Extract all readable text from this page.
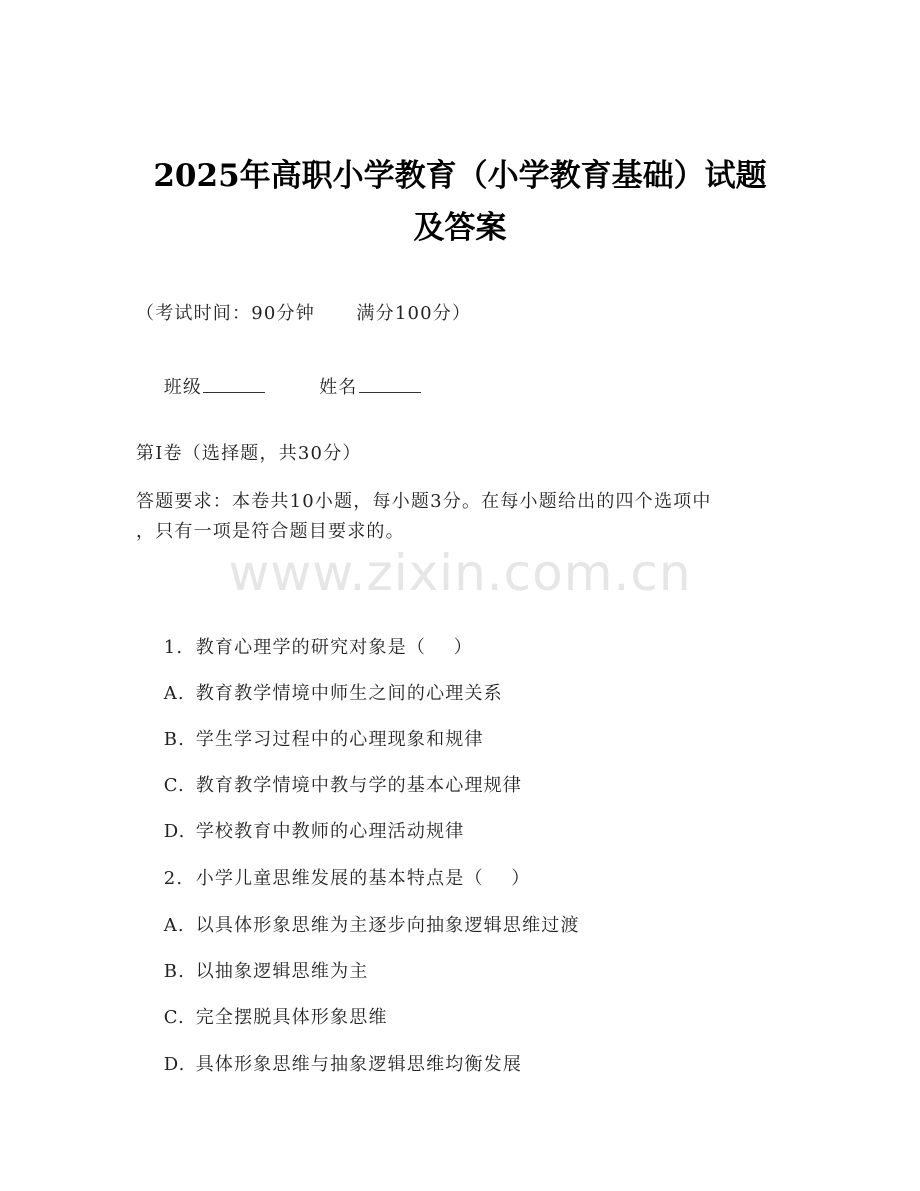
2025年高职小学教育（小学教育基础）试题
及答案
（考试时间：90分钟      满分100分）

班级	姓名

第I卷（选择题，共30分）
答题要求：本卷共10小题，每小题3分。在每小题给出的四个选项中
，只有一项是符合题目要求的。
www.zixin.com.cn

1. 教育心理学的研究对象是（    ）

A. 教育教学情境中师生之间的心理关系

B. 学生学习过程中的心理现象和规律

C. 教育教学情境中教与学的基本心理规律

D. 学校教育中教师的心理活动规律

2. 小学儿童思维发展的基本特点是（    ）

A. 以具体形象思维为主逐步向抽象逻辑思维过渡

B. 以抽象逻辑思维为主

C. 完全摆脱具体形象思维

D. 具体形象思维与抽象逻辑思维均衡发展
